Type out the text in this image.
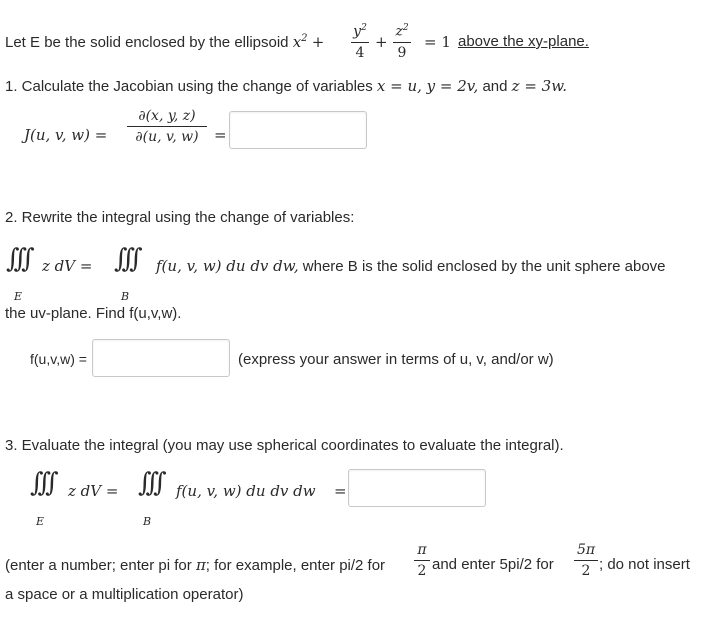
Let E be the solid enclosed by the ellipsoid $x^2$ +
$y^2$
4
+
$z^2$
9
= 1 above the xy-plane.
1. Calculate the Jacobian using the change of variables x = u, y = 2v, and z = 3w.
J(u, v, w) =
∂(x, y, z)
∂(u, v, w)	=
2. Rewrite the integral using the change of variables:
∫∫∫
E
z dV = ∫∫∫
B
f(u, v, w) du dv dw, where B is the solid enclosed by the unit sphere above
the uv-plane. Find f(u,v,w).
f(u,v,w) =	(express your answer in terms of u, v, and/or w)
3. Evaluate the integral (you may use spherical coordinates to evaluate the integral).
∫∫∫
E
z dV = ∫∫∫
B
f(u, v, w) du dv dw =
(enter a number; enter pi for π; for example, enter pi/2 for
π
2 and enter 5pi/2 for
5π
2 ; do not insert
a space or a multiplication operator)
